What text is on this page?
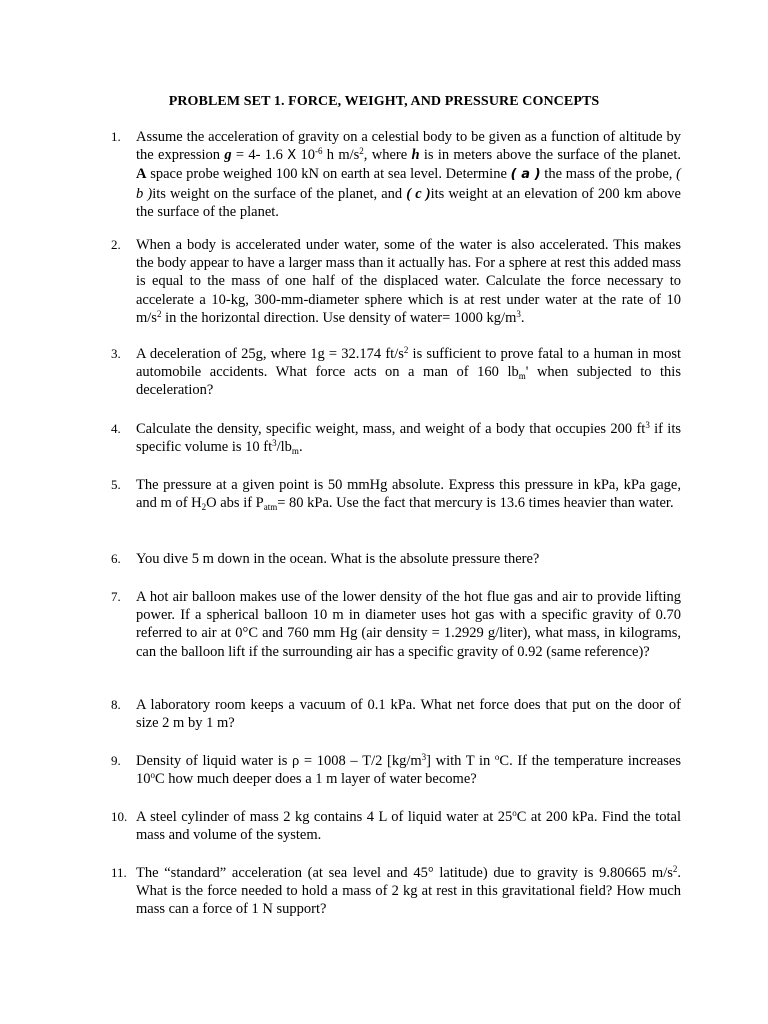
PROBLEM SET 1. FORCE, WEIGHT, AND PRESSURE CONCEPTS
1.	Assume the acceleration of gravity on a celestial body to be given as a function of altitude by the expression g = 4- 1.6 X $10^{-6}$ h $m/s^2$, where h is in meters above the surface of the planet. A space probe weighed 100 kN on earth at sea level. Determine ( a ) the mass of the probe, ( b )its weight on the surface of the planet, and ( c )its weight at an elevation of 200 km above the surface of the planet.
2.	When a body is accelerated under water, some of the water is also accelerated. This makes the body appear to have a larger mass than it actually has. For a sphere at rest this added mass is equal to the mass of one half of the displaced water. Calculate the force necessary to accelerate a 10-kg, 300-mm-diameter sphere which is at rest under water at the rate of 10 $m/s^2$ in the horizontal direction. Use density of water= 1000 $kg/m^3$.
3.	A deceleration of 25g, where 1g = 32.174 $ft/s^2$ is sufficient to prove fatal to a human in most automobile accidents. What force acts on a man of 160 $lb_m'$ when subjected to this deceleration?
4.	Calculate the density, specific weight, mass, and weight of a body that occupies 200 $ft^3$ if its specific volume is 10 $ft^3/lb_m$.
5.	The pressure at a given point is 50 mmHg absolute. Express this pressure in kPa, kPa gage, and m of $H_2O$ abs if $P_{atm}= 80$ kPa. Use the fact that mercury is 13.6 times heavier than water.
6.	You dive 5 m down in the ocean. What is the absolute pressure there?
7.	A hot air balloon makes use of the lower density of the hot flue gas and air to provide lifting power. If a spherical balloon 10 m in diameter uses hot gas with a specific gravity of 0.70 referred to air at 0°C and 760 mm Hg (air density = 1.2929 g/liter), what mass, in kilograms, can the balloon lift if the surrounding air has a specific gravity of 0.92 (same reference)?
8.	A laboratory room keeps a vacuum of 0.1 kPa. What net force does that put on the door of size 2 m by 1 m?
9.	Density of liquid water is ρ = 1008 – T/2 $[kg/m^3]$ with T in $^o$C. If the temperature increases 10$^o$C how much deeper does a 1 m layer of water become?
10. A steel cylinder of mass 2 kg contains 4 L of liquid water at 25$^o$C at 200 kPa. Find the total mass and volume of the system.
11. The “standard” acceleration (at sea level and 45° latitude) due to gravity is 9.80665 $m/s^2$. What is the force needed to hold a mass of 2 kg at rest in this gravitational field? How much mass can a force of 1 N support?
